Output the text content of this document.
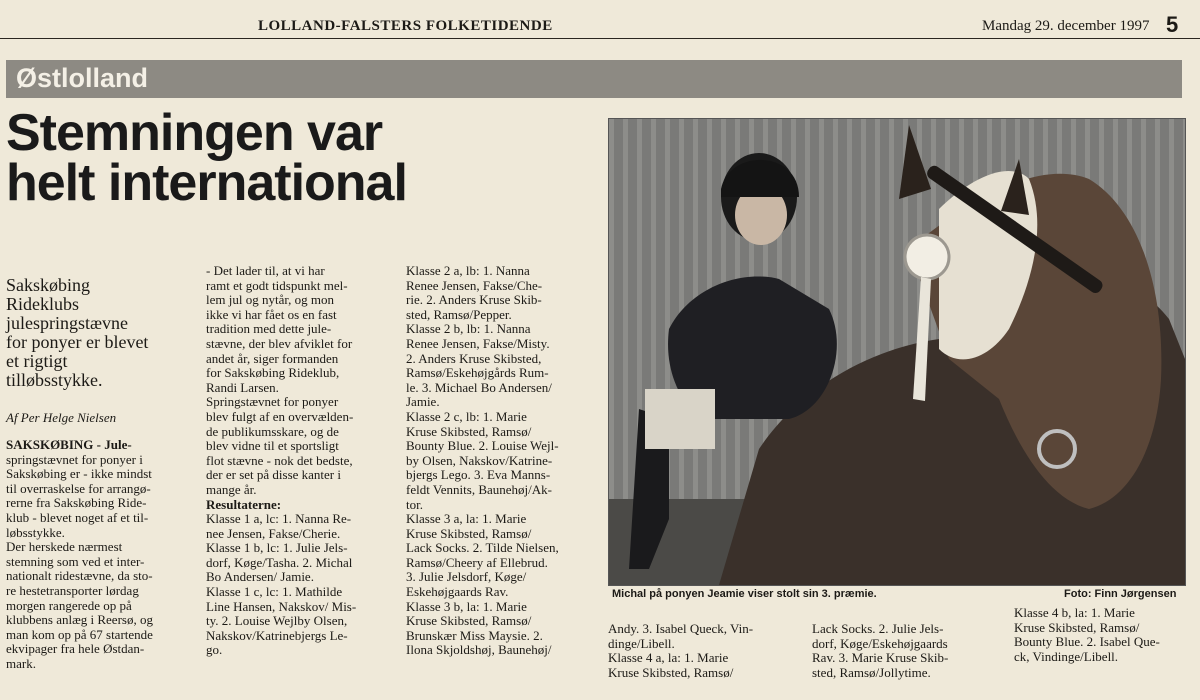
LOLLAND-FALSTERS FOLKETIDENDE	Mandag 29. december 1997 5
Østlolland
Stemningen var
helt international

Sakskøbing
Rideklubs
julespringstævne
for ponyer er blevet
et rigtigt
tilløbsstykke.

Af Per Helge Nielsen

SAKSKØBING - Jule-
springstævnet for ponyer i
Sakskøbing er - ikke mindst
til overraskelse for arrangø-
rerne fra Sakskøbing Ride-
klub - blevet noget af et til-
løbsstykke.
Der herskede nærmest
stemning som ved et inter-
nationalt ridestævne, da sto-
re hestetransporter lørdag
morgen rangerede op på
klubbens anlæg i Reersø, og
man kom op på 67 startende
ekvipager fra hele Østdan-
mark.

- Det lader til, at vi har
ramt et godt tidspunkt mel-
lem jul og nytår, og mon
ikke vi har fået os en fast
tradition med dette jule-
stævne, der blev afviklet for
andet år, siger formanden
for Sakskøbing Rideklub,
Randi Larsen.
Springstævnet for ponyer
blev fulgt af en overvælden-
de publikumsskare, og de
blev vidne til et sportsligt
flot stævne - nok det bedste,
der er set på disse kanter i
mange år.
Resultaterne:
Klasse 1 a, lc: 1. Nanna Re-
nee Jensen, Fakse/Cherie.
Klasse 1 b, lc: 1. Julie Jels-
dorf, Køge/Tasha. 2. Michal
Bo Andersen/ Jamie.
Klasse 1 c, lc: 1. Mathilde
Line Hansen, Nakskov/ Mis-
ty. 2. Louise Wejlby Olsen,
Nakskov/Katrinebjergs Le-
go.

Klasse 2 a, lb: 1. Nanna
Renee Jensen, Fakse/Che-
rie. 2. Anders Kruse Skib-
sted, Ramsø/Pepper.
Klasse 2 b, lb: 1. Nanna
Renee Jensen, Fakse/Misty.
2. Anders Kruse Skibsted,
Ramsø/Eskehøjgårds Rum-
le. 3. Michael Bo Andersen/
Jamie.
Klasse 2 c, lb: 1. Marie
Kruse Skibsted, Ramsø/
Bounty Blue. 2. Louise Wejl-
by Olsen, Nakskov/Katrine-
bjergs Lego. 3. Eva Manns-
feldt Vennits, Baunehøj/Ak-
tor.
Klasse 3 a, la: 1. Marie
Kruse Skibsted, Ramsø/
Lack Socks. 2. Tilde Nielsen,
Ramsø/Cheery af Ellebrud.
3. Julie Jelsdorf, Køge/
Eskehøjgaards Rav.
Klasse 3 b, la: 1. Marie
Kruse Skibsted, Ramsø/
Brunskær Miss Maysie. 2.
Ilona Skjoldshøj, Baunehøj/

Andy. 3. Isabel Queck, Vin-
dinge/Libell.
Klasse 4 a, la: 1. Marie
Kruse Skibsted, Ramsø/

Lack Socks. 2. Julie Jels-
dorf, Køge/Eskehøjgaards
Rav. 3. Marie Kruse Skib-
sted, Ramsø/Jollytime.

Klasse 4 b, la: 1. Marie
Kruse Skibsted, Ramsø/
Bounty Blue. 2. Isabel Que-
ck, Vindinge/Libell.

Michal på ponyen Jeamie viser stolt sin 3. præmie.	Foto: Finn Jørgensen
